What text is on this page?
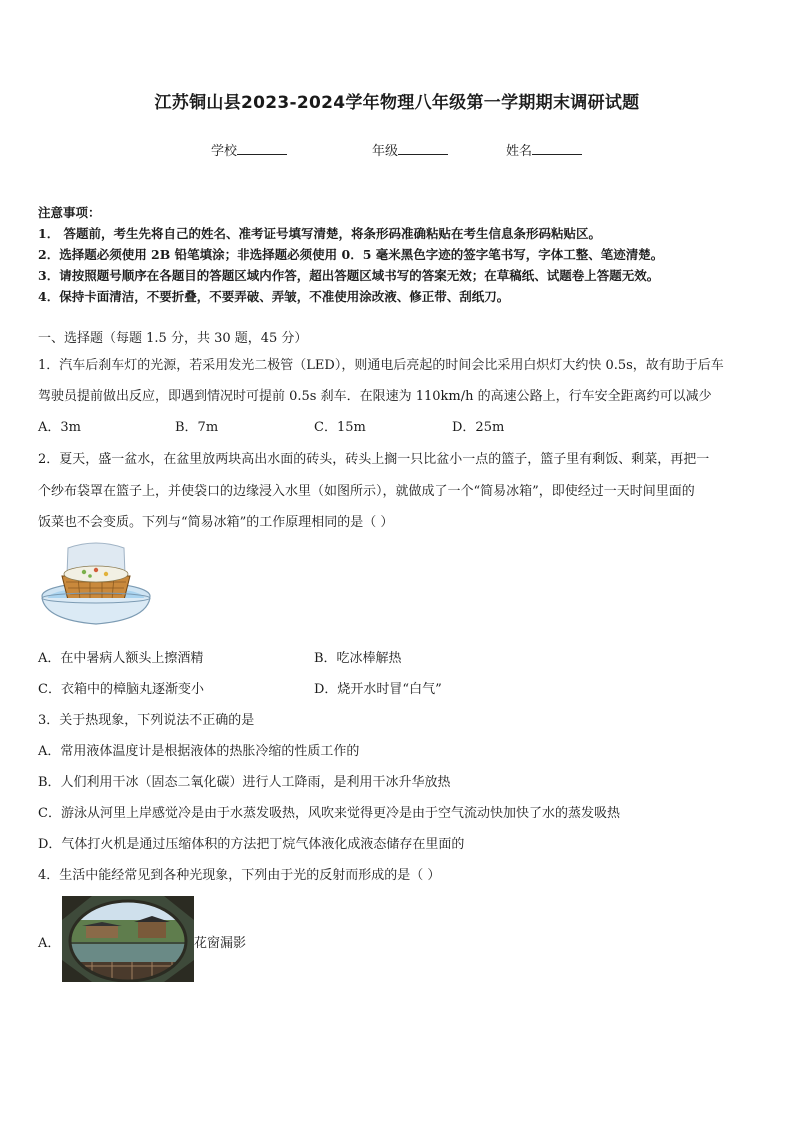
江苏铜山县2023-2024学年物理八年级第一学期期末调研试题
学校	年级	姓名
注意事项：
1． 答题前，考生先将自己的姓名、准考证号填写清楚，将条形码准确粘贴在考生信息条形码粘贴区。
2．选择题必须使用 2B 铅笔填涂；非选择题必须使用 0．5 毫米黑色字迹的签字笔书写，字体工整、笔迹清楚。
3．请按照题号顺序在各题目的答题区域内作答，超出答题区域书写的答案无效；在草稿纸、试题卷上答题无效。
4．保持卡面清洁，不要折叠，不要弄破、弄皱，不准使用涂改液、修正带、刮纸刀。
一、选择题（每题 1.5 分，共 30 题，45 分）
1．汽车后刹车灯的光源，若采用发光二极管（LED），则通电后亮起的时间会比采用白炽灯大约快 0.5s，故有助于后车
驾驶员提前做出反应，即遇到情况时可提前 0.5s 刹车．在限速为 110km/h 的高速公路上，行车安全距离约可以减少
A．3m	B．7m	C．15m	D．25m
2．夏天，盛一盆水，在盆里放两块高出水面的砖头，砖头上搁一只比盆小一点的篮子，篮子里有剩饭、剩菜，再把一
个纱布袋罩在篮子上，并使袋口的边缘浸入水里（如图所示），就做成了一个“简易冰箱”，即使经过一天时间里面的
饭菜也不会变质。下列与“简易冰箱”的工作原理相同的是（ ）
A．在中暑病人额头上擦酒精	B．吃冰棒解热
C．衣箱中的樟脑丸逐渐变小	D．烧开水时冒“白气”
3．关于热现象，下列说法不正确的是
A．常用液体温度计是根据液体的热胀冷缩的性质工作的
B．人们利用干冰（固态二氧化碳）进行人工降雨，是利用干冰升华放热
C．游泳从河里上岸感觉冷是由于水蒸发吸热，风吹来觉得更冷是由于空气流动快加快了水的蒸发吸热
D．气体打火机是通过压缩体积的方法把丁烷气体液化成液态储存在里面的
4．生活中能经常见到各种光现象，下列由于光的反射而形成的是（ ）
A．	花窗漏影
